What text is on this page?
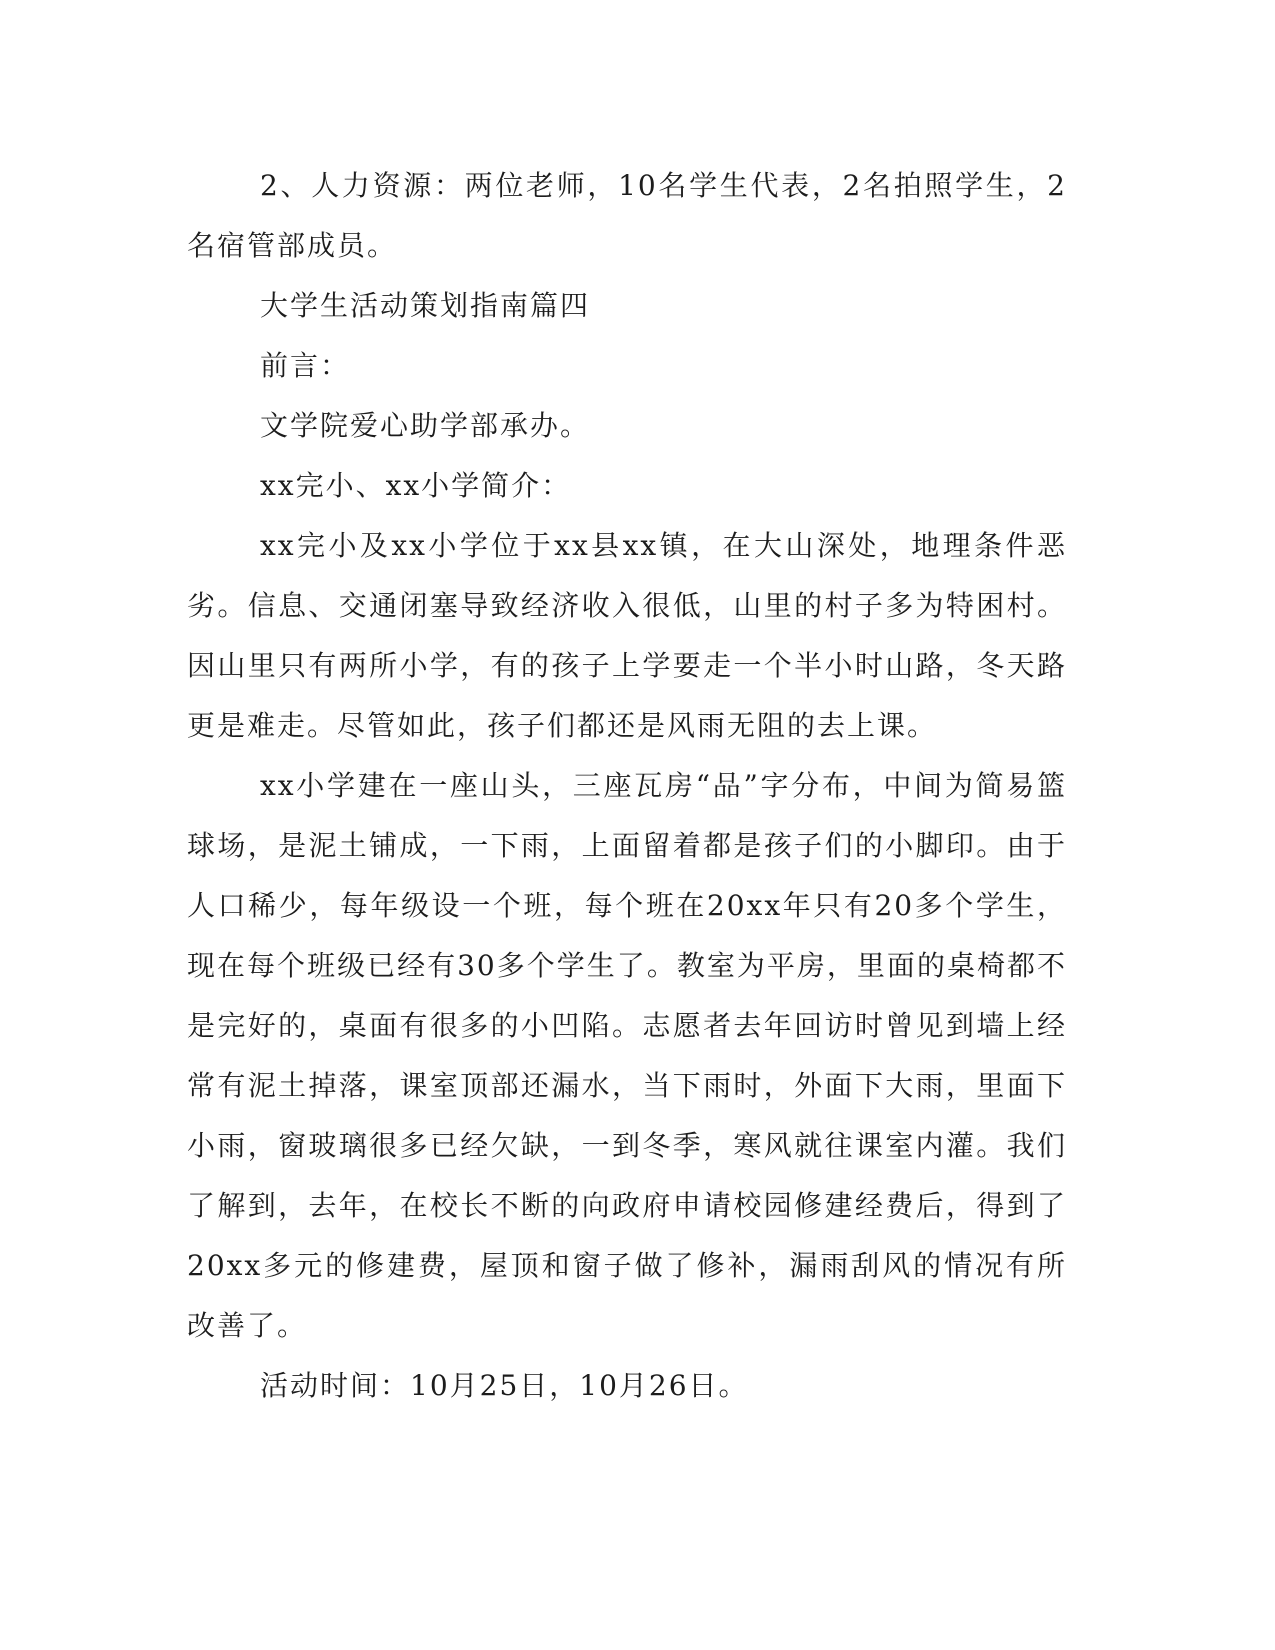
2、人力资源：两位老师，10名学生代表，2名拍照学生，2名宿管部成员。

大学生活动策划指南篇四

前言：

文学院爱心助学部承办。

xx完小、xx小学简介：

xx完小及xx小学位于xx县xx镇，在大山深处，地理条件恶劣。信息、交通闭塞导致经济收入很低，山里的村子多为特困村。因山里只有两所小学，有的孩子上学要走一个半小时山路，冬天路更是难走。尽管如此，孩子们都还是风雨无阻的去上课。

xx小学建在一座山头，三座瓦房“品”字分布，中间为简易篮球场，是泥土铺成，一下雨，上面留着都是孩子们的小脚印。由于人口稀少，每年级设一个班，每个班在20xx年只有20多个学生，现在每个班级已经有30多个学生了。教室为平房，里面的桌椅都不是完好的，桌面有很多的小凹陷。志愿者去年回访时曾见到墙上经常有泥土掉落，课室顶部还漏水，当下雨时，外面下大雨，里面下小雨，窗玻璃很多已经欠缺，一到冬季，寒风就往课室内灌。我们了解到，去年，在校长不断的向政府申请校园修建经费后，得到了20xx多元的修建费，屋顶和窗子做了修补，漏雨刮风的情况有所改善了。

活动时间：10月25日，10月26日。
